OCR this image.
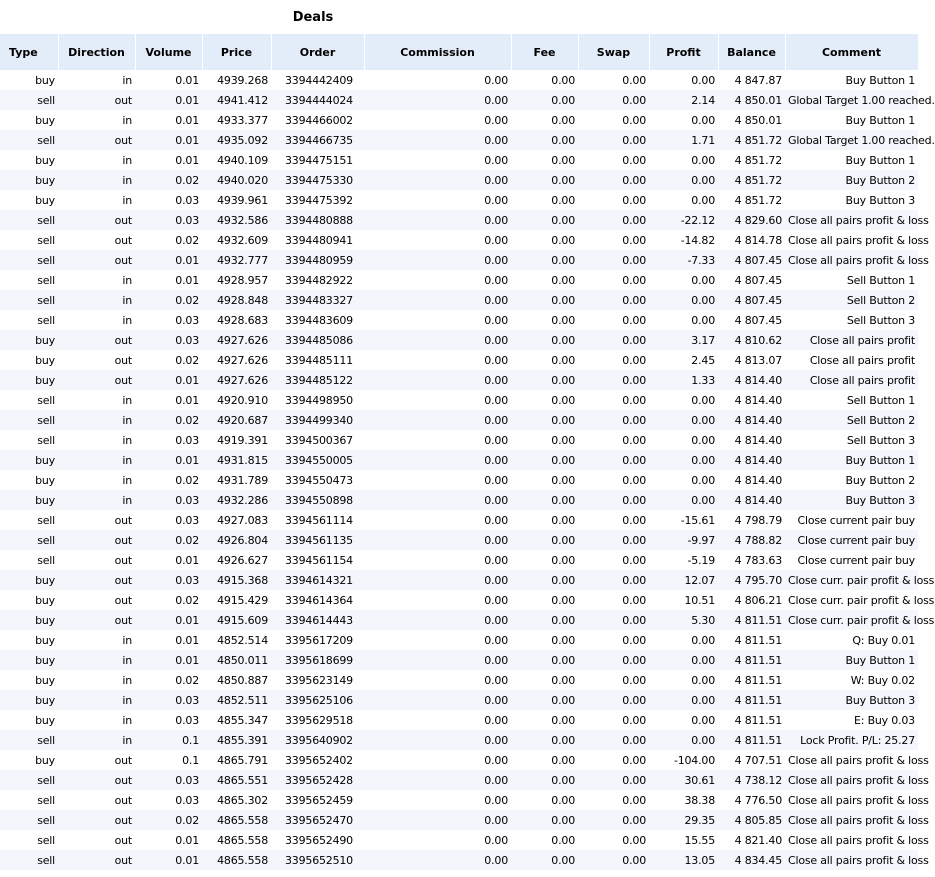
Deals
Type	Direction	Volume	Price	Order	Commission	Fee	Swap	Profit	Balance	Comment
buy	in	0.01	4939.268	3394442409	0.00	0.00	0.00	0.00	4 847.87	Buy Button 1
sell	out	0.01	4941.412	3394444024	0.00	0.00	0.00	2.14	4 850.01	Global Target 1.00 reached.
buy	in	0.01	4933.377	3394466002	0.00	0.00	0.00	0.00	4 850.01	Buy Button 1
sell	out	0.01	4935.092	3394466735	0.00	0.00	0.00	1.71	4 851.72	Global Target 1.00 reached.
buy	in	0.01	4940.109	3394475151	0.00	0.00	0.00	0.00	4 851.72	Buy Button 1
buy	in	0.02	4940.020	3394475330	0.00	0.00	0.00	0.00	4 851.72	Buy Button 2
buy	in	0.03	4939.961	3394475392	0.00	0.00	0.00	0.00	4 851.72	Buy Button 3
sell	out	0.03	4932.586	3394480888	0.00	0.00	0.00	-22.12	4 829.60	Close all pairs profit & loss
sell	out	0.02	4932.609	3394480941	0.00	0.00	0.00	-14.82	4 814.78	Close all pairs profit & loss
sell	out	0.01	4932.777	3394480959	0.00	0.00	0.00	-7.33	4 807.45	Close all pairs profit & loss
sell	in	0.01	4928.957	3394482922	0.00	0.00	0.00	0.00	4 807.45	Sell Button 1
sell	in	0.02	4928.848	3394483327	0.00	0.00	0.00	0.00	4 807.45	Sell Button 2
sell	in	0.03	4928.683	3394483609	0.00	0.00	0.00	0.00	4 807.45	Sell Button 3
buy	out	0.03	4927.626	3394485086	0.00	0.00	0.00	3.17	4 810.62	Close all pairs profit
buy	out	0.02	4927.626	3394485111	0.00	0.00	0.00	2.45	4 813.07	Close all pairs profit
buy	out	0.01	4927.626	3394485122	0.00	0.00	0.00	1.33	4 814.40	Close all pairs profit
sell	in	0.01	4920.910	3394498950	0.00	0.00	0.00	0.00	4 814.40	Sell Button 1
sell	in	0.02	4920.687	3394499340	0.00	0.00	0.00	0.00	4 814.40	Sell Button 2
sell	in	0.03	4919.391	3394500367	0.00	0.00	0.00	0.00	4 814.40	Sell Button 3
buy	in	0.01	4931.815	3394550005	0.00	0.00	0.00	0.00	4 814.40	Buy Button 1
buy	in	0.02	4931.789	3394550473	0.00	0.00	0.00	0.00	4 814.40	Buy Button 2
buy	in	0.03	4932.286	3394550898	0.00	0.00	0.00	0.00	4 814.40	Buy Button 3
sell	out	0.03	4927.083	3394561114	0.00	0.00	0.00	-15.61	4 798.79	Close current pair buy
sell	out	0.02	4926.804	3394561135	0.00	0.00	0.00	-9.97	4 788.82	Close current pair buy
sell	out	0.01	4926.627	3394561154	0.00	0.00	0.00	-5.19	4 783.63	Close current pair buy
buy	out	0.03	4915.368	3394614321	0.00	0.00	0.00	12.07	4 795.70	Close curr. pair profit & loss
buy	out	0.02	4915.429	3394614364	0.00	0.00	0.00	10.51	4 806.21	Close curr. pair profit & loss
buy	out	0.01	4915.609	3394614443	0.00	0.00	0.00	5.30	4 811.51	Close curr. pair profit & loss
buy	in	0.01	4852.514	3395617209	0.00	0.00	0.00	0.00	4 811.51	Q: Buy 0.01
buy	in	0.01	4850.011	3395618699	0.00	0.00	0.00	0.00	4 811.51	Buy Button 1
buy	in	0.02	4850.887	3395623149	0.00	0.00	0.00	0.00	4 811.51	W: Buy 0.02
buy	in	0.03	4852.511	3395625106	0.00	0.00	0.00	0.00	4 811.51	Buy Button 3
buy	in	0.03	4855.347	3395629518	0.00	0.00	0.00	0.00	4 811.51	E: Buy 0.03
sell	in	0.1	4855.391	3395640902	0.00	0.00	0.00	0.00	4 811.51	Lock Profit. P/L: 25.27
buy	out	0.1	4865.791	3395652402	0.00	0.00	0.00	-104.00	4 707.51	Close all pairs profit & loss
sell	out	0.03	4865.551	3395652428	0.00	0.00	0.00	30.61	4 738.12	Close all pairs profit & loss
sell	out	0.03	4865.302	3395652459	0.00	0.00	0.00	38.38	4 776.50	Close all pairs profit & loss
sell	out	0.02	4865.558	3395652470	0.00	0.00	0.00	29.35	4 805.85	Close all pairs profit & loss
sell	out	0.01	4865.558	3395652490	0.00	0.00	0.00	15.55	4 821.40	Close all pairs profit & loss
sell	out	0.01	4865.558	3395652510	0.00	0.00	0.00	13.05	4 834.45	Close all pairs profit & loss
